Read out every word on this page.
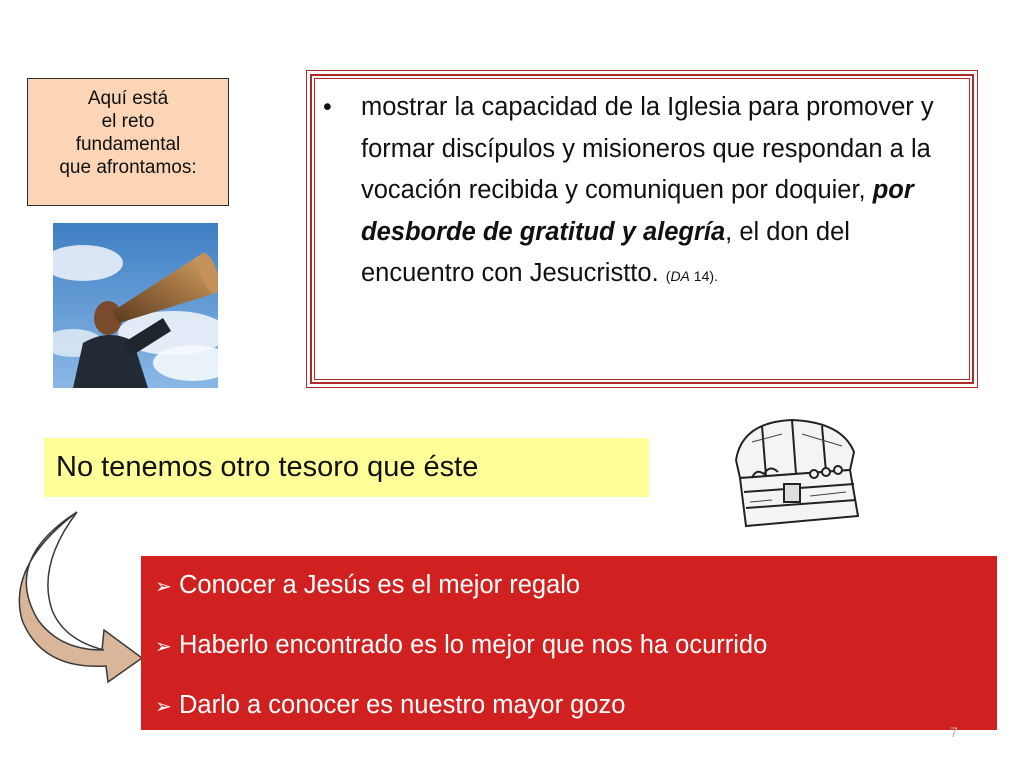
Aquí está
el reto
fundamental
que afrontamos:
• mostrar la capacidad de la Iglesia para promover y formar discípulos y misioneros que respondan a la vocación recibida y comuniquen por doquier, por desborde de gratitud y alegría, el don del encuentro con Jesucristto. (DA 14).
No tenemos otro tesoro que éste
➢ Conocer a Jesús es el mejor regalo
➢ Haberlo encontrado es lo mejor que nos ha ocurrido
➢ Darlo a conocer es nuestro mayor gozo
7
